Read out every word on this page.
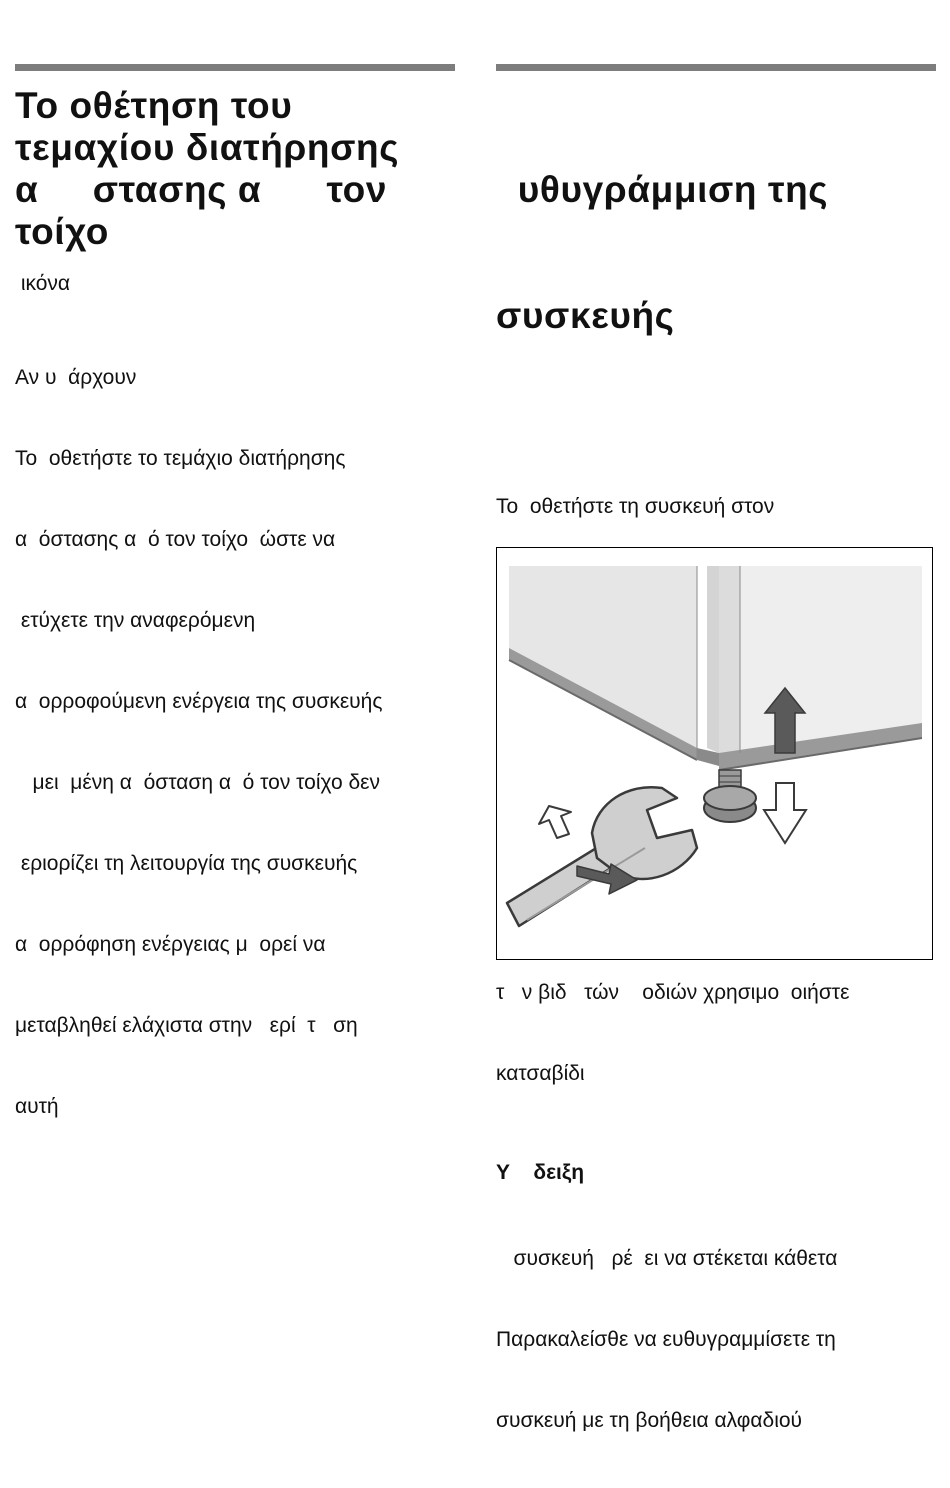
Το οθέτηση του
τεμαχίου διατήρησης
α     στασης α      τον
τοίχο

ικόνα

Αν υ  άρχουν

Το  οθετήστε το τεμάχιο διατήρησης

α  όστασης α  ό τον τοίχο  ώστε να

ετύχετε την αναφερόμενη

α  ορροφούμενη ενέργεια της συσκευής

μει  μένη α  όσταση α  ό τον τοίχο δεν

εριορίζει τη λειτουργία της συσκευής

α  ορρόφηση ενέργειας μ  ορεί να

μεταβληθεί ελάχιστα στην   ερί  τ   ση

αυτή

υθυγράμμιση της

συσκευής

Το  οθετήστε τη συσκευή στον

τ   ν βιδ   τών    οδιών χρησιμο  οιήστε

κατσαβίδι

Υ    δειξη

συσκευή   ρέ  ει να στέκεται κάθετα

Παρακαλείσθε να ευθυγραμμίσετε τη

συσκευή με τη βοήθεια αλφαδιού
